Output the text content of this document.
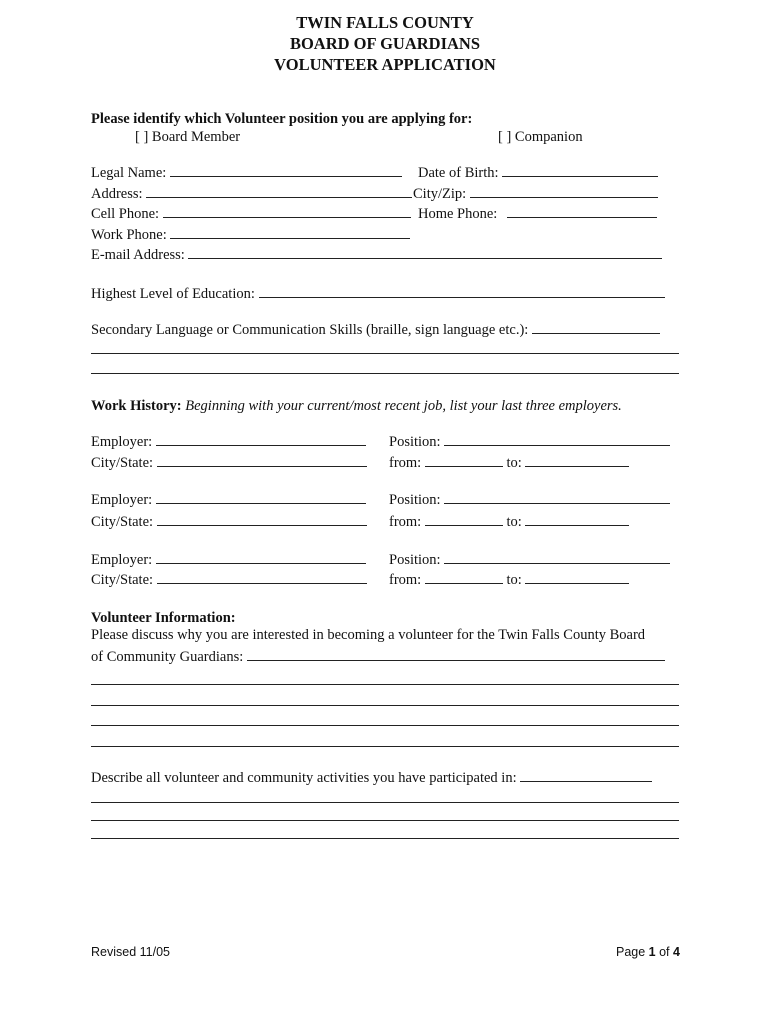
TWIN FALLS COUNTY
BOARD OF GUARDIANS
VOLUNTEER APPLICATION
Please identify which Volunteer position you are applying for:
[ ] Board Member	[ ] Companion
Legal Name:	Date of Birth:
Address:	City/Zip:
Cell Phone:	Home Phone:
Work Phone:
E-mail Address:
Highest Level of Education:
Secondary Language or Communication Skills (braille, sign language etc.):
Work History: Beginning with your current/most recent job, list your last three employers.
Employer:	Position:
City/State:	from:	to:
Employer:	Position:
City/State:	from:	to:
Employer:	Position:
City/State:	from:	to:
Volunteer Information:
Please discuss why you are interested in becoming a volunteer for the Twin Falls County Board
of Community Guardians:
Describe all volunteer and community activities you have participated in:
Revised 11/05	Page 1 of 4
